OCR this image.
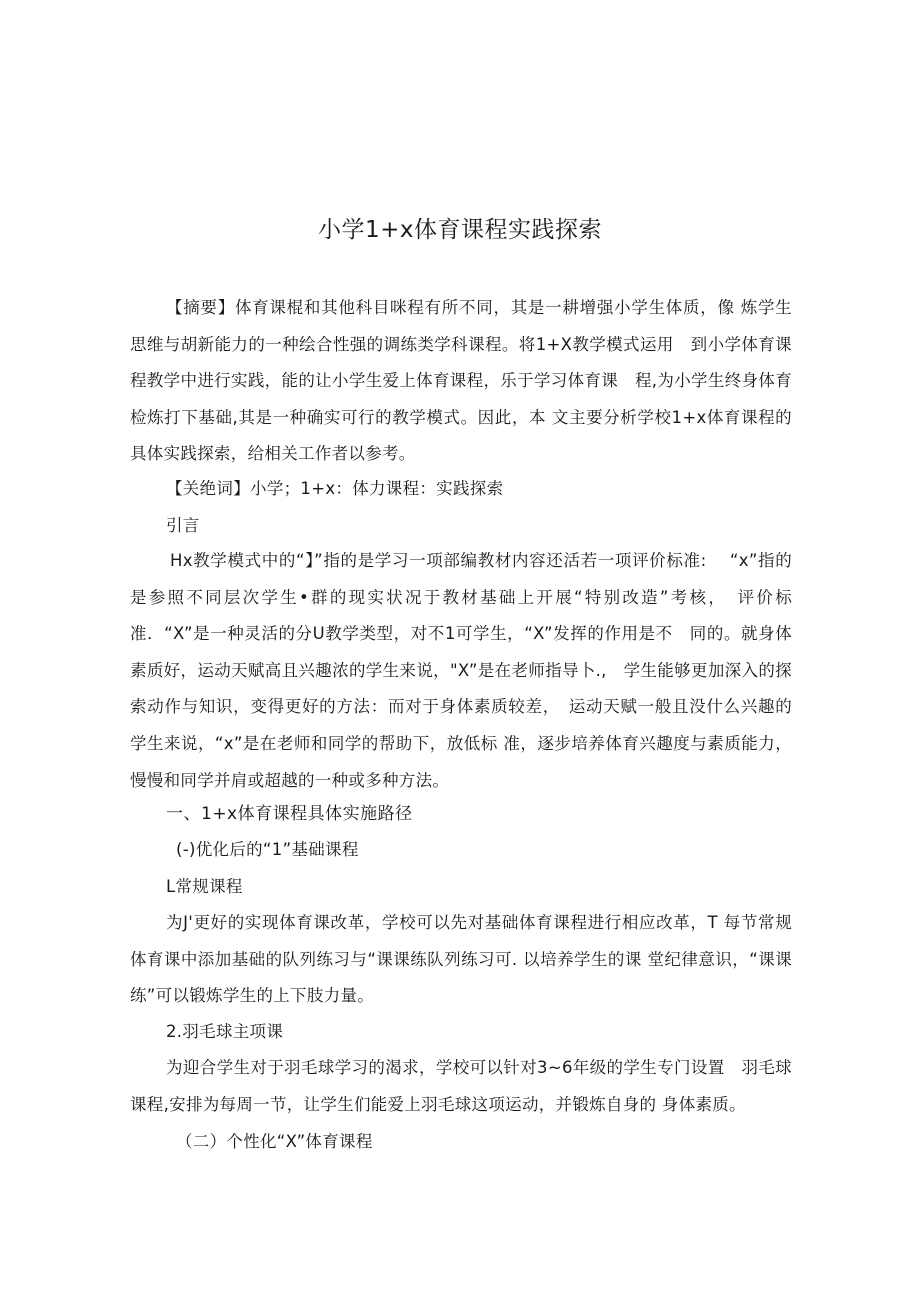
小学1+x体育课程实践探索
【摘要】体育课棍和其他科目咪程有所不同，其是一耕增强小学生体质，像 炼学生思维与胡新能力的一种绘合性强的调练类学科课程。将1+X教学模式运用　到小学体育课程教学中进行实践，能的让小学生爱上体育课程，乐于学习体育课　程,为小学生终身体育检炼打下基础,其是一种确实可行的教学模式。因此，本 文主要分析学校1+x体育课程的具体实践探索，给相关工作者以参考。
【关绝词】小学；1+x：体力课程：实践探索
引言
Hx教学模式中的“】”指的是学习一项部编教材内容还活若一项评价标准:　 “x”指的是参照不同层次学生•群的现实状况于教材基础上开展“特别改造”考核，　评价标准．“X”是一种灵活的分U教学类型，对不1可学生，“X”发挥的作用是不　同的。就身体素质好，运动天赋高且兴趣浓的学生来说，"X”是在老师指导卜.,　学生能够更加深入的探索动作与知识，变得更好的方法：而对于身体素质较差，　运动天赋一般且没什么兴趣的学生来说，“x”是在老师和同学的帮助下，放低标 准，逐步培养体育兴趣度与素质能力，慢慢和同学并肩或超越的一种或多种方法。
一、1+x体育课程具体实施路径
(-)优化后的“1”基础课程
L常规课程
为J'更好的实现体育课改革，学校可以先对基础体育课程进行相应改革，T 每节常规体育课中添加基础的队列练习与“课课练队列练习可. 以培养学生的课 堂纪律意识，“课课练”可以锻炼学生的上下肢力量。
2.羽毛球主项课
为迎合学生对于羽毛球学习的渴求，学校可以针对3~6年级的学生专门设置　羽毛球课程,安排为每周一节，让学生们能爱上羽毛球这项运动，并锻炼自身的 身体素质。
（二）个性化“X”体育课程
